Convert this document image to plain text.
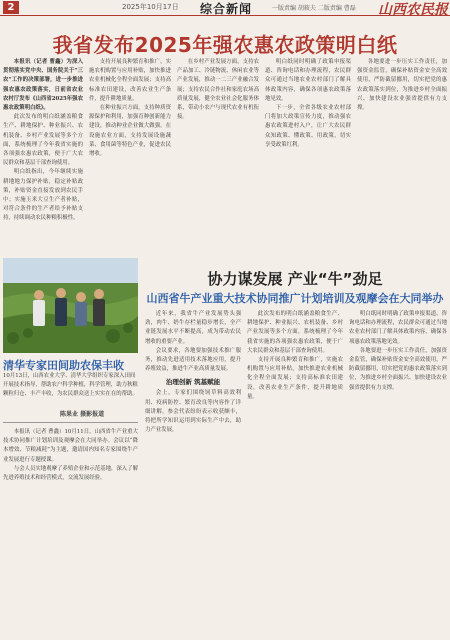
2	2025年10月17日 综合新闻	一版责编 胡筱夫 二版责编 曹磊 山西农民报
我省发布2025年强农惠农政策明白纸

本报讯（记者 曹鑫）为深入贯彻落实党中央、国务院关于“三农”工作的决策部署，进一步推进强农惠农政策落实，日前省农业农村厅发布《山西省2025年强农惠农政策明白纸》。

此次发布的明白纸涵盖粮食生产、耕地保护、种业振兴、农机装备、乡村产业发展等多个方面，系统梳理了今年我省实施的各项强农惠农政策，便于广大农民群众和基层干部查询使用。

明白纸指出，今年继续实施耕地地力保护补贴，稳定补贴政策，补贴资金直接发放到农民手中；实施玉米大豆生产者补贴，对符合条件的生产者给予补贴支持，持续调动农民种粮积极性。

支持开展良种繁育和推广，实施农机购置与应用补贴，加快推进农业机械化全程全面发展；支持高标准农田建设，改善农业生产条件，提升耕地质量。

在种业振兴方面，支持种质资源保护和利用，加强育种创新能力建设，推动种业企业做大做强。在设施农业方面，支持发展设施蔬菜、食用菌等特色产业，促进农民增收。

在乡村产业发展方面，支持农产品加工、冷链物流、休闲农业等产业发展，推动一二三产业融合发展；支持农民合作社和家庭农场高质量发展，健全农业社会化服务体系，带动小农户与现代农业有机衔接。

明白纸同时明确了政策申报渠道、咨询电话和办理流程，农民群众可通过当地农业农村部门了解具体政策内容，确保各项惠农政策落地见效。

下一步，全省各级农业农村部门将加大政策宣传力度，推动强农惠农政策进村入户，让广大农民群众知政策、懂政策、用政策，切实享受政策红利。

各地要进一步压实工作责任，加强资金监管，确保补贴资金安全高效使用，严防截留挪用，切实把党的惠农政策落实到位，为推进乡村全面振兴、加快建设农业强省提供有力支撑。

清华专家田间助农保丰收
10月13日，山西农业大学、清华大学组织专家深入田间开展技术指导，帮助农户科学种植，科学管理，助力秋粮颗粒归仓、丰产丰收，为农民群众送上实实在在的帮助。
陈果业 摄影报道

本报讯（记者 曹鑫）10月11日，山西省牛产业重大技术协同推广计划培训及观摩会在大同举办。会议以“降本增效、节粮减耗”为主题，邀请国内知名专家围绕牛产业发展进行专题授课。

与会人员实地观摩了养殖企业和示范基地，深入了解先进养殖技术和经营模式，交流发展经验。

协力谋发展 产业“牛”劲足
山西省牛产业重大技术协同推广计划培训及观摩会在大同举办

近年来，我省牛产业发展势头强劲，肉牛、奶牛存栏量稳步增长，全产业链发展水平不断提高，成为带动农民增收的重要产业。

会议要求，各地要加强技术推广服务，推动先进适用技术落地应用，提升养殖效益，推进牛产业高质量发展。

治理创新 筑基赋能

会上，专家们围绕饲草料高效利用、疫病防控、繁育改良等内容作了详细讲解。参会代表纷纷表示收获颇丰，将把所学知识运用到实际生产中去，助力产业发展。

此次发布的明白纸涵盖粮食生产、耕地保护、种业振兴、农机装备、乡村产业发展等多个方面，系统梳理了今年我省实施的各项强农惠农政策，便于广大农民群众和基层干部查询使用。

支持开展良种繁育和推广，实施农机购置与应用补贴，加快推进农业机械化全程全面发展；支持高标准农田建设，改善农业生产条件，提升耕地质量。

明白纸同时明确了政策申报渠道、咨询电话和办理流程，农民群众可通过当地农业农村部门了解具体政策内容，确保各项惠农政策落地见效。

各地要进一步压实工作责任，加强资金监管，确保补贴资金安全高效使用，严防截留挪用，切实把党的惠农政策落实到位，为推进乡村全面振兴、加快建设农业强省提供有力支撑。
